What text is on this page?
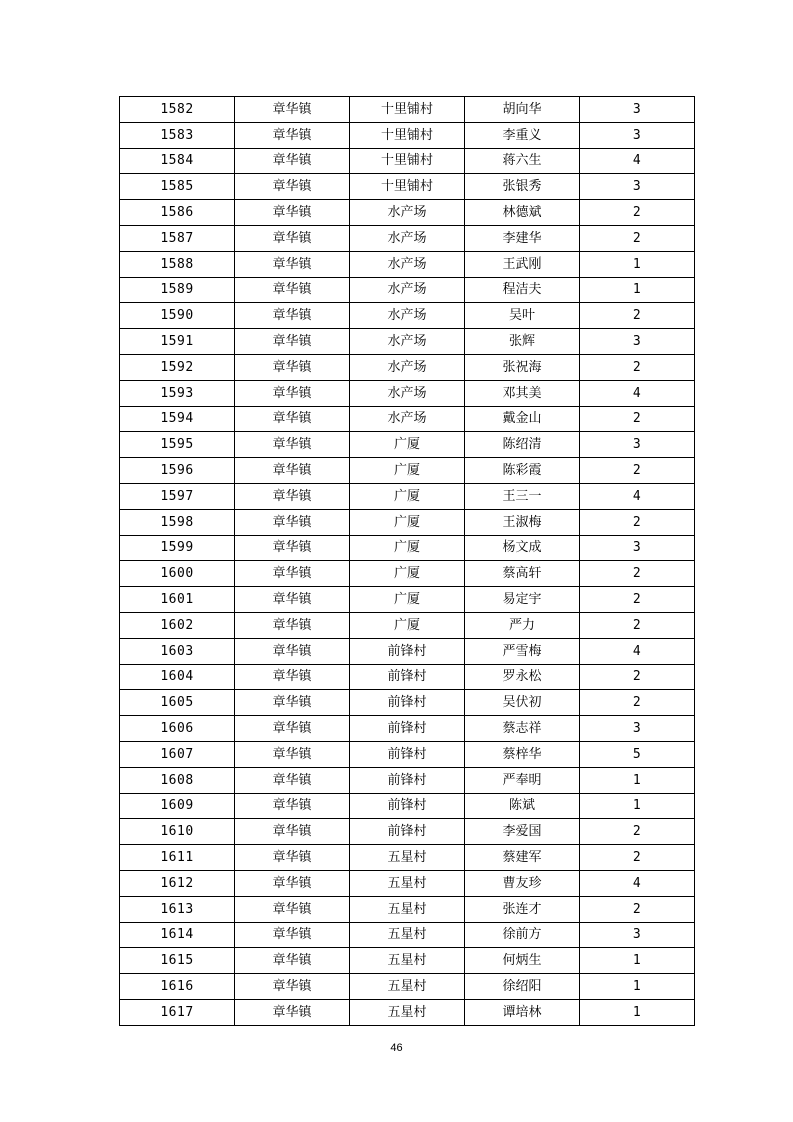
1582	章华镇	十里铺村	胡向华	3
1583	章华镇	十里铺村	李重义	3
1584	章华镇	十里铺村	蒋六生	4
1585	章华镇	十里铺村	张银秀	3
1586	章华镇	水产场	林德斌	2
1587	章华镇	水产场	李建华	2
1588	章华镇	水产场	王武刚	1
1589	章华镇	水产场	程洁夫	1
1590	章华镇	水产场	吴叶	2
1591	章华镇	水产场	张辉	3
1592	章华镇	水产场	张祝海	2
1593	章华镇	水产场	邓其美	4
1594	章华镇	水产场	戴金山	2
1595	章华镇	广厦	陈绍清	3
1596	章华镇	广厦	陈彩霞	2
1597	章华镇	广厦	王三一	4
1598	章华镇	广厦	王淑梅	2
1599	章华镇	广厦	杨文成	3
1600	章华镇	广厦	蔡高轩	2
1601	章华镇	广厦	易定宇	2
1602	章华镇	广厦	严力	2
1603	章华镇	前锋村	严雪梅	4
1604	章华镇	前锋村	罗永松	2
1605	章华镇	前锋村	吴伏初	2
1606	章华镇	前锋村	蔡志祥	3
1607	章华镇	前锋村	蔡梓华	5
1608	章华镇	前锋村	严奉明	1
1609	章华镇	前锋村	陈斌	1
1610	章华镇	前锋村	李爱国	2
1611	章华镇	五星村	蔡建军	2
1612	章华镇	五星村	曹友珍	4
1613	章华镇	五星村	张连才	2
1614	章华镇	五星村	徐前方	3
1615	章华镇	五星村	何炳生	1
1616	章华镇	五星村	徐绍阳	1
1617	章华镇	五星村	谭培林	1
46
